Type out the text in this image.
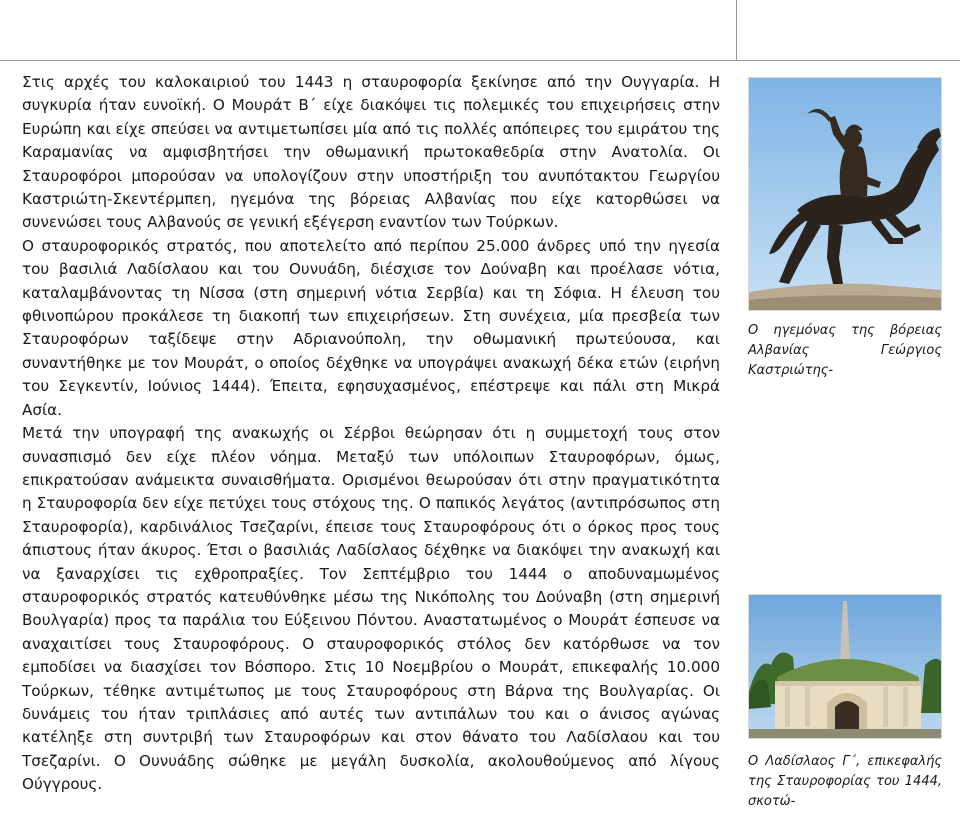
Στις αρχές του καλοκαιριού του 1443 η σταυροφορία ξεκίνησε από την Ουγγαρία. Η συγκυρία ήταν ευνοϊκή. Ο Μουράτ Β΄ είχε διακόψει τις πολεμικές του επιχειρήσεις στην Ευρώπη και είχε σπεύσει να αντιμετωπίσει μία από τις πολλές απόπειρες του εμιράτου της Καραμανίας να αμφισβητήσει την οθωμανική πρωτοκαθεδρία στην Ανατολία. Οι Σταυροφόροι μπορούσαν να υπολογίζουν στην υποστήριξη του ανυπότακτου Γεωργίου Καστριώτη-Σκεντέρμπεη, ηγεμόνα της βόρειας Αλβανίας που είχε κατορθώσει να συνενώσει τους Αλβανούς σε γενική εξέγερση εναντίον των Τούρκων.

Ο σταυροφορικός στρατός, που αποτελείτο από περίπου 25.000 άνδρες υπό την ηγεσία του βασιλιά Λαδίσλαου και του Ουνυάδη, διέσχισε τον Δούναβη και προέλασε νότια, καταλαμβάνοντας τη Νίσσα (στη σημερινή νότια Σερβία) και τη Σόφια. Η έλευση του φθινοπώρου προκάλεσε τη διακοπή των επιχειρήσεων. Στη συνέχεια, μία πρεσβεία των Σταυροφόρων ταξίδεψε στην Αδριανούπολη, την οθωμανική πρωτεύουσα, και συναντήθηκε με τον Μουράτ, ο οποίος δέχθηκε να υπογράψει ανακωχή δέκα ετών (ειρήνη του Σεγκεντίν, Ιούνιος 1444). Έπειτα, εφησυχασμένος, επέστρεψε και πάλι στη Μικρά Ασία.

Μετά την υπογραφή της ανακωχής οι Σέρβοι θεώρησαν ότι η συμμετοχή τους στον συνασπισμό δεν είχε πλέον νόημα. Μεταξύ των υπόλοιπων Σταυροφόρων, όμως, επικρατούσαν ανάμεικτα συναισθήματα. Ορισμένοι θεωρούσαν ότι στην πραγματικότητα η Σταυροφορία δεν είχε πετύχει τους στόχους της. Ο παπικός λεγάτος (αντιπρόσωπος στη Σταυροφορία), καρδινάλιος Τσεζαρίνι, έπεισε τους Σταυροφόρους ότι ο όρκος προς τους άπιστους ήταν άκυρος. Έτσι ο βασιλιάς Λαδίσλαος δέχθηκε να διακόψει την ανακωχή και να ξαναρχίσει τις εχθροπραξίες. Τον Σεπτέμβριο του 1444 ο αποδυναμωμένος σταυροφορικός στρατός κατευθύνθηκε μέσω της Νικόπολης του Δούναβη (στη σημερινή Βουλγαρία) προς τα παράλια του Εύξεινου Πόντου. Αναστατωμένος ο Μουράτ έσπευσε να αναχαιτίσει τους Σταυροφόρους. Ο σταυροφορικός στόλος δεν κατόρθωσε να τον εμποδίσει να διασχίσει τον Βόσπορο. Στις 10 Νοεμβρίου ο Μουράτ, επικεφαλής 10.000 Τούρκων, τέθηκε αντιμέτωπος με τους Σταυροφόρους στη Βάρνα της Βουλγαρίας. Οι δυνάμεις του ήταν τριπλάσιες από αυτές των αντιπάλων του και ο άνισος αγώνας κατέληξε στη συντριβή των Σταυροφόρων και στον θάνατο του Λαδίσλαου και του Τσεζαρίνι. Ο Ουνυάδης σώθηκε με μεγάλη δυσκολία, ακολουθούμενος από λίγους Ούγγρους.

Ο ηγεμόνας της βόρειας Αλβανίας Γεώργιος Καστριώτης-
Ο Λαδίσλαος Γ΄, επικεφαλής της Σταυροφορίας του 1444, σκοτώ-
